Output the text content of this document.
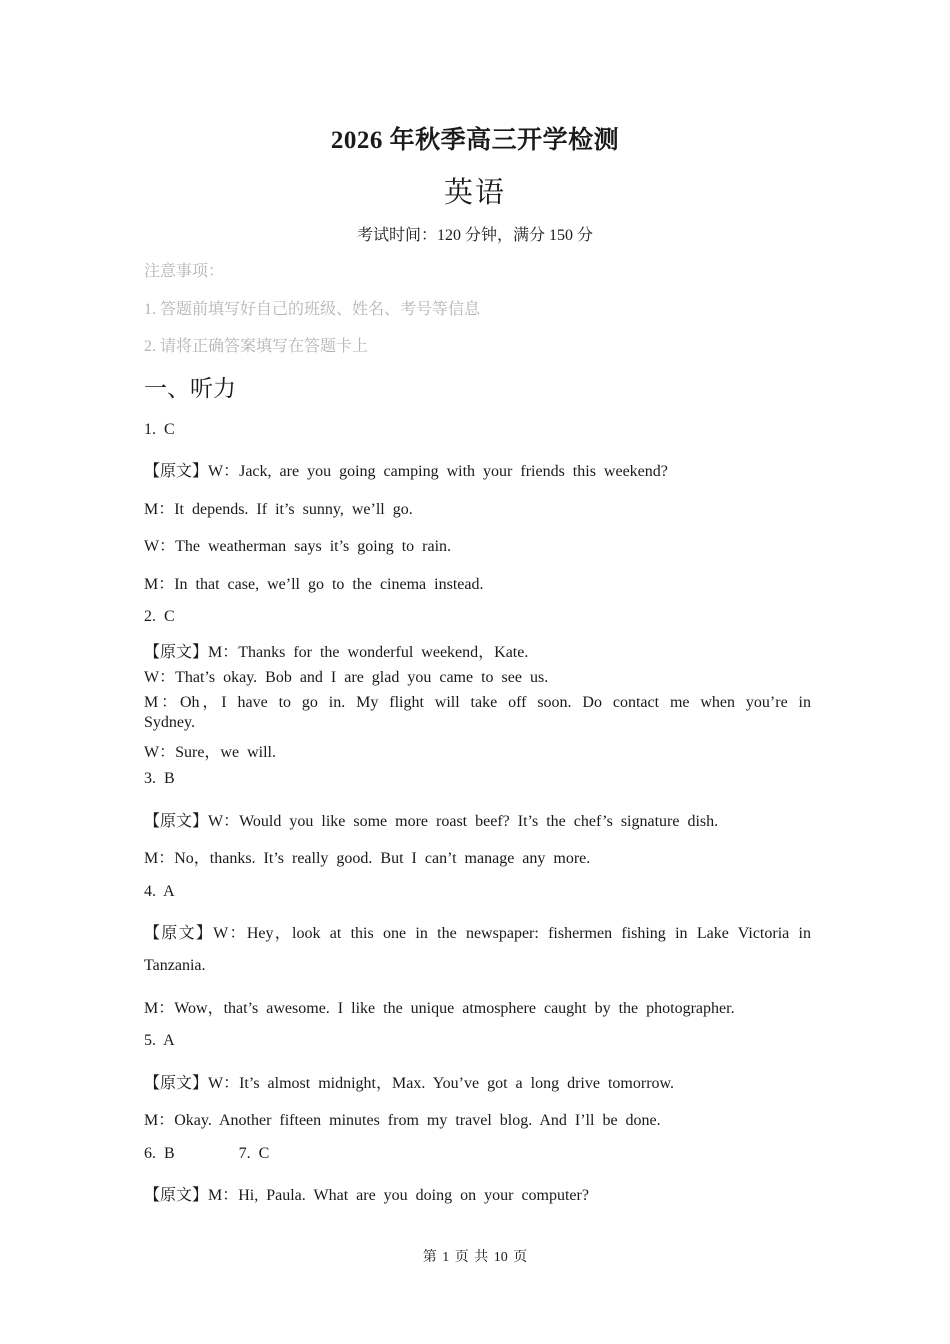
2026 年秋季高三开学检测
英语
考试时间：120 分钟，满分 150 分
注意事项：
1. 答题前填写好自己的班级、姓名、考号等信息
2. 请将正确答案填写在答题卡上
一、听力
1. C
【原文】W：Jack, are you going camping with your friends this weekend?
M：It depends. If it’s sunny, we’ll go.
W：The weatherman says it’s going to rain.
M：In that case, we’ll go to the cinema instead.
2. C
【原文】M：Thanks for the wonderful weekend，Kate.
W：That’s okay. Bob and I are glad you came to see us.
M：Oh，I have to go in. My flight will take off soon. Do contact me when you’re in
Sydney.
W：Sure，we will.
3. B
【原文】W：Would you like some more roast beef? It’s the chef’s signature dish.
M：No，thanks. It’s really good. But I can’t manage any more.
4. A
【原文】W：Hey，look at this one in the newspaper: fishermen fishing in Lake Victoria in
Tanzania.
M：Wow，that’s awesome. I like the unique atmosphere caught by the photographer.
5. A
【原文】W：It’s almost midnight，Max. You’ve got a long drive tomorrow.
M：Okay. Another fifteen minutes from my travel blog. And I’ll be done.
6. B        7. C
【原文】M：Hi, Paula. What are you doing on your computer?
第 1 页 共 10 页
